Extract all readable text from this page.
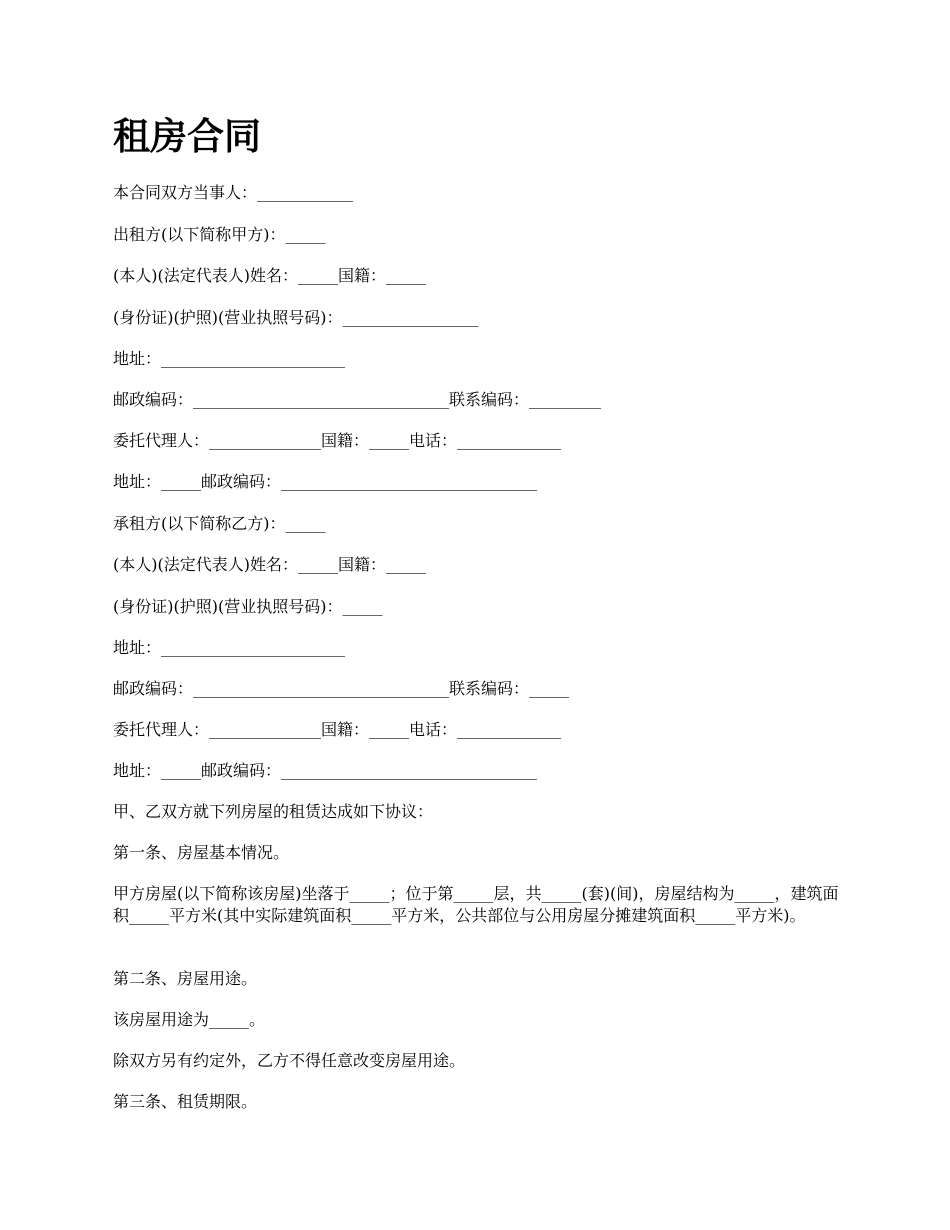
租房合同

本合同双方当事人：____________

出租方(以下简称甲方)：_____

(本人)(法定代表人)姓名：_____国籍：_____

(身份证)(护照)(营业执照号码)：_________________

地址：_______________________

邮政编码：________________________________联系编码：_________

委托代理人：______________国籍：_____电话：_____________

地址：_____邮政编码：________________________________

承租方(以下简称乙方)：_____

(本人)(法定代表人)姓名：_____国籍：_____

(身份证)(护照)(营业执照号码)：_____

地址：_______________________

邮政编码：________________________________联系编码：_____

委托代理人：______________国籍：_____电话：_____________

地址：_____邮政编码：________________________________

甲、乙双方就下列房屋的租赁达成如下协议：

第一条、房屋基本情况。

甲方房屋(以下简称该房屋)坐落于_____；位于第_____层，共_____(套)(间)，房屋结构为_____，建筑面积_____平方米(其中实际建筑面积_____平方米，公共部位与公用房屋分摊建筑面积_____平方米)。

第二条、房屋用途。

该房屋用途为_____。

除双方另有约定外，乙方不得任意改变房屋用途。

第三条、租赁期限。
